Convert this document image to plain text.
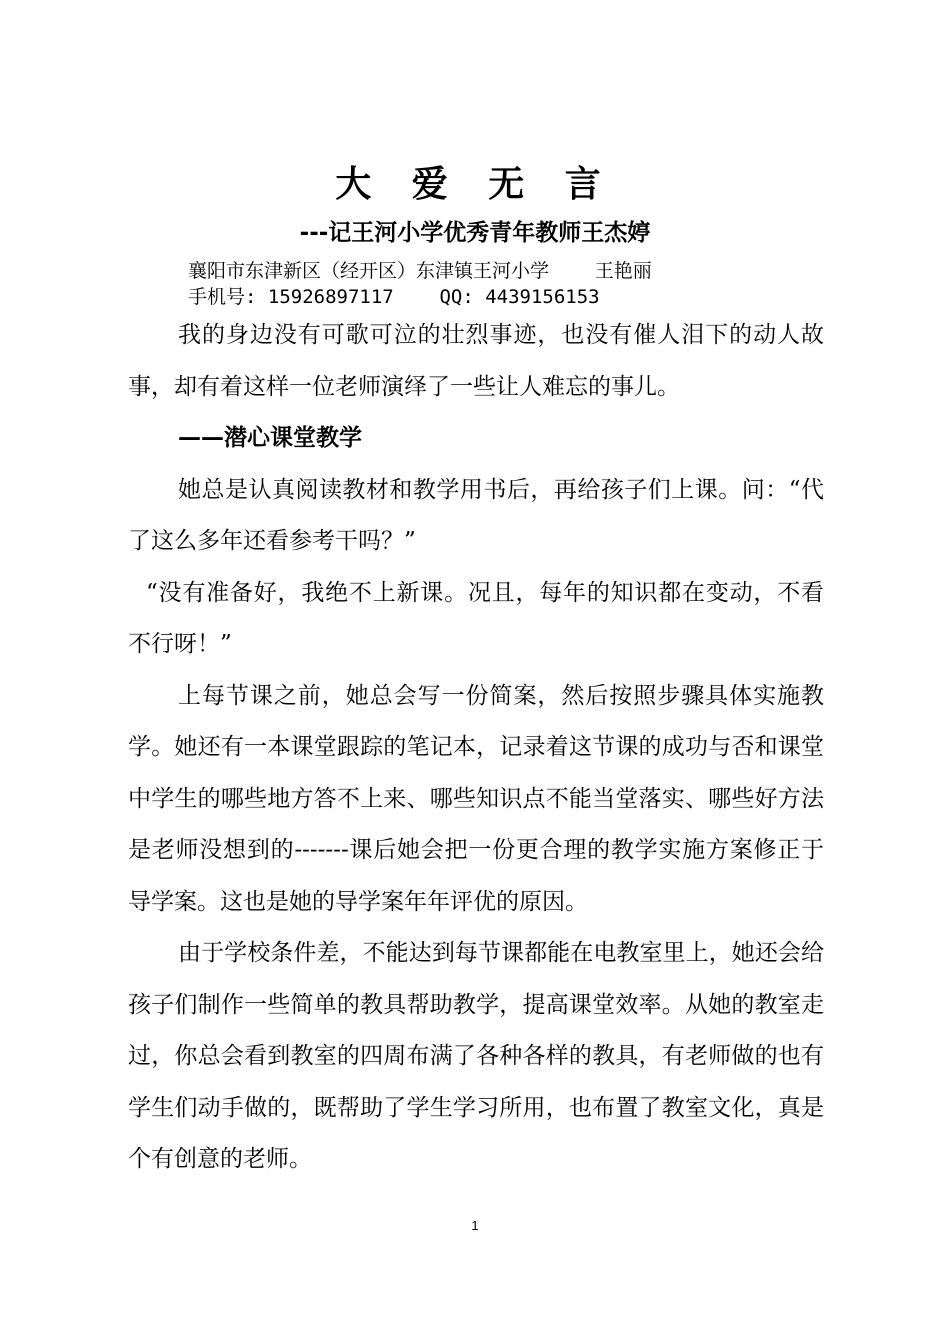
大 爱 无 言
---记王河小学优秀青年教师王杰婷
襄阳市东津新区（经开区）东津镇王河小学    王艳丽
手机号: 15926897117    QQ: 4439156153

我的身边没有可歌可泣的壮烈事迹，也没有催人泪下的动人故事，却有着这样一位老师演绎了一些让人难忘的事儿。

——潜心课堂教学

她总是认真阅读教材和教学用书后，再给孩子们上课。问：“代了这么多年还看参考干吗？”

“没有准备好，我绝不上新课。况且，每年的知识都在变动，不看不行呀！”

上每节课之前，她总会写一份简案，然后按照步骤具体实施教学。她还有一本课堂跟踪的笔记本，记录着这节课的成功与否和课堂中学生的哪些地方答不上来、哪些知识点不能当堂落实、哪些好方法是老师没想到的-------课后她会把一份更合理的教学实施方案修正于导学案。这也是她的导学案年年评优的原因。

由于学校条件差，不能达到每节课都能在电教室里上，她还会给孩子们制作一些简单的教具帮助教学，提高课堂效率。从她的教室走过，你总会看到教室的四周布满了各种各样的教具，有老师做的也有学生们动手做的，既帮助了学生学习所用，也布置了教室文化，真是个有创意的老师。

1
